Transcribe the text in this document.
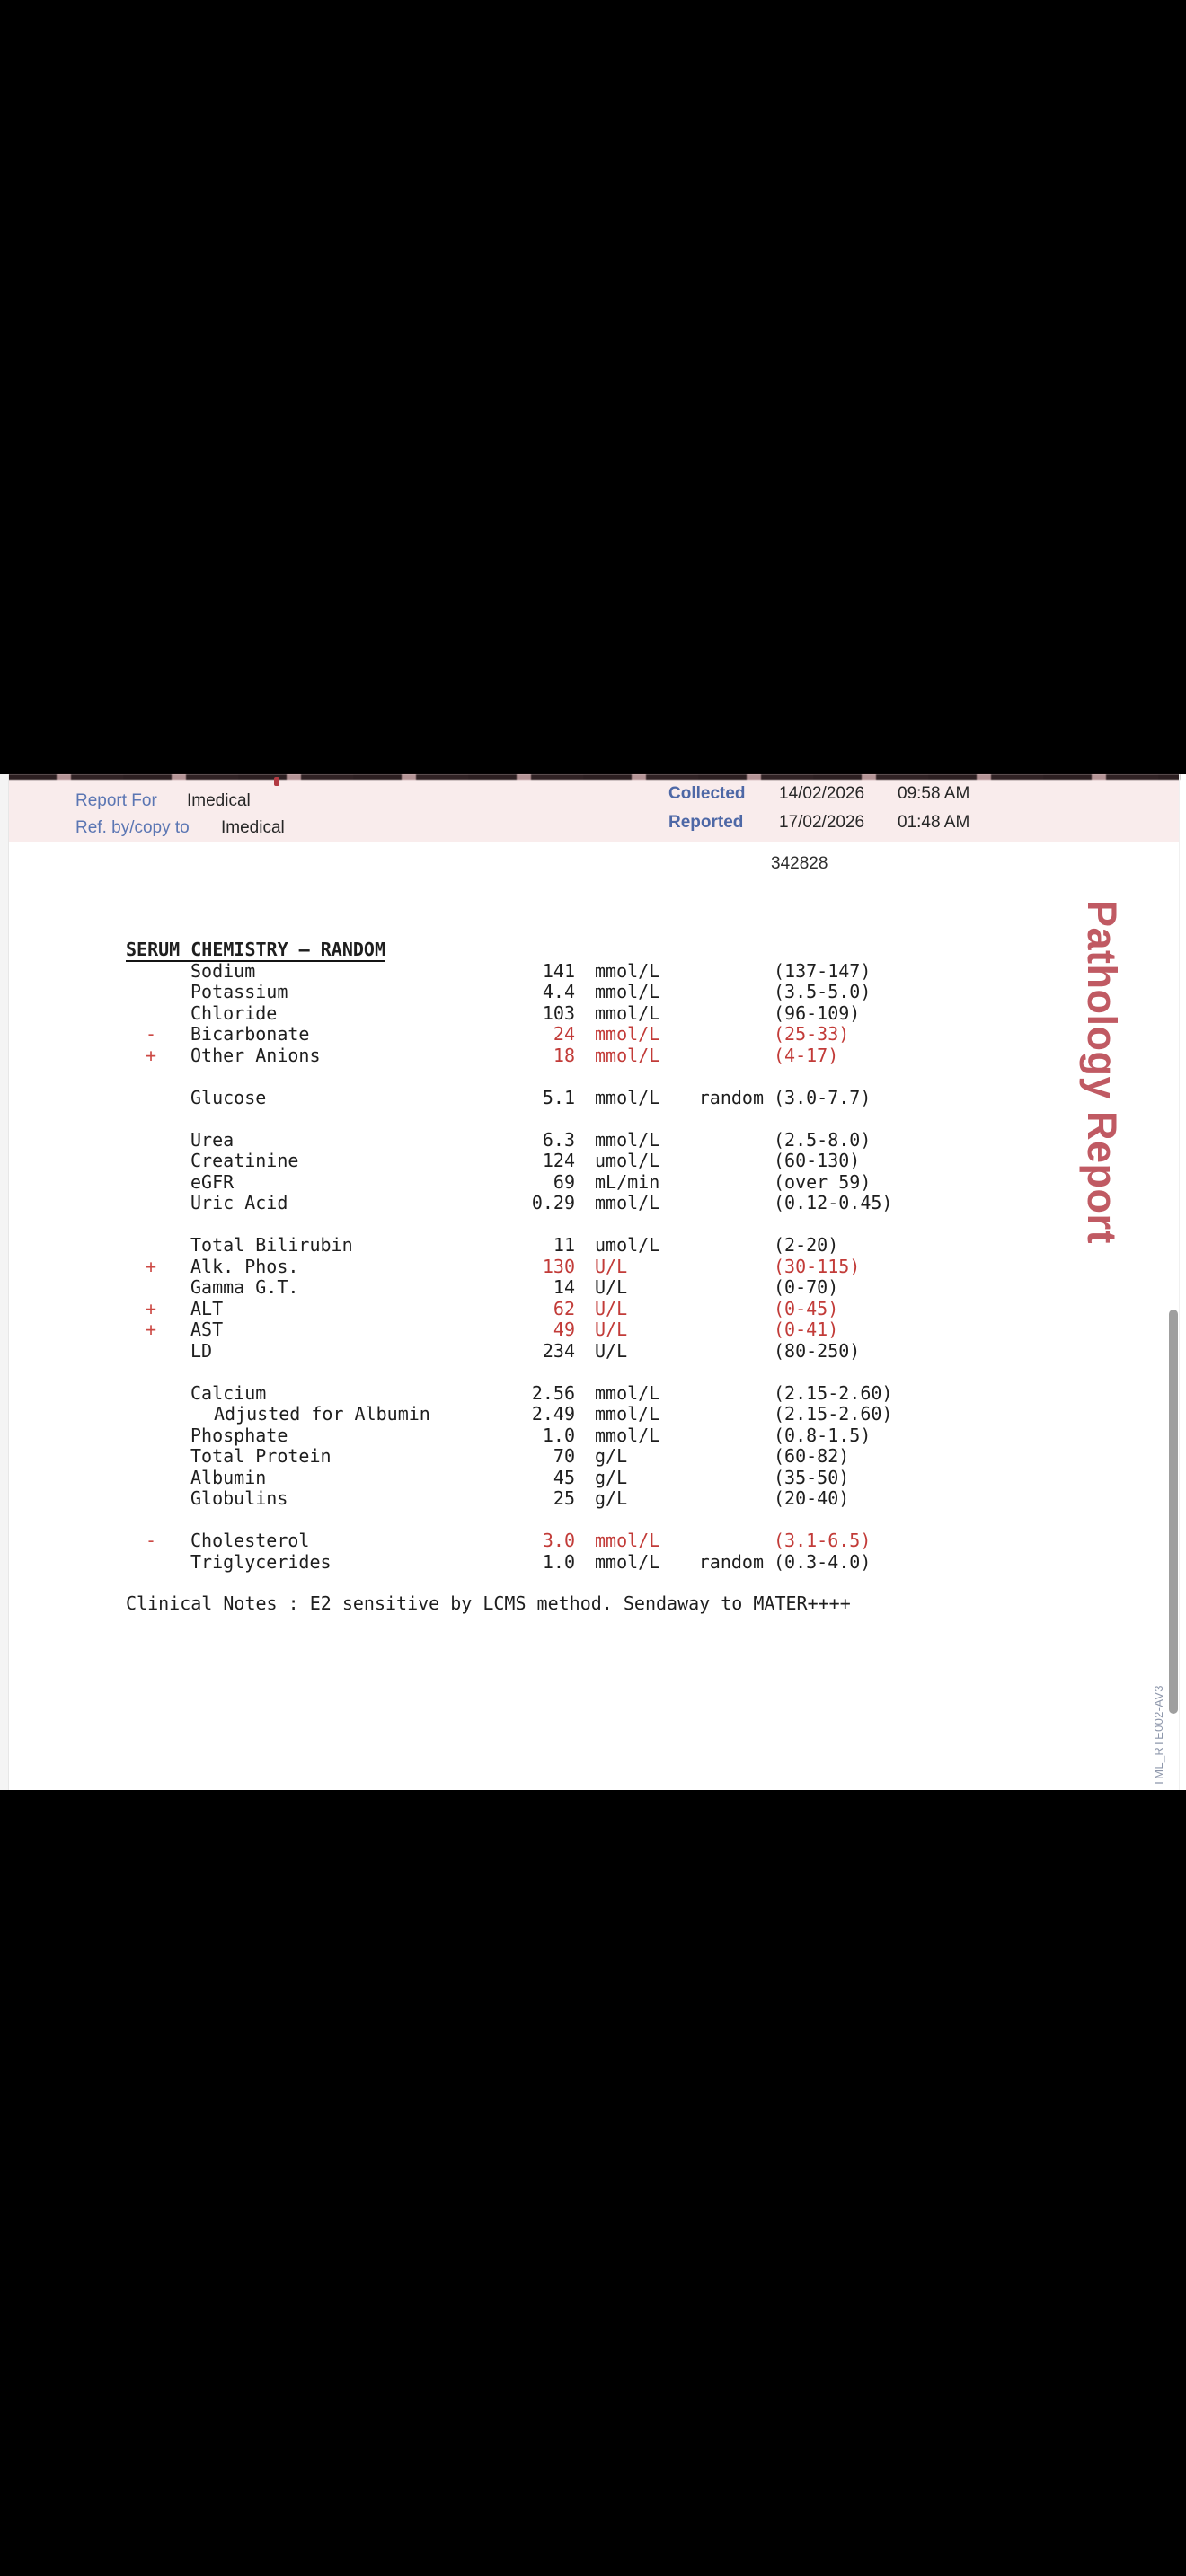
Report For Imedical
Ref. by/copy to Imedical
Collected 14/02/2026 09:58 AM
Reported 17/02/2026 01:48 AM
342828
SERUM CHEMISTRY – RANDOM
Sodium	141 mmol/L	(137-147)
Potassium	4.4 mmol/L	(3.5-5.0)
Chloride	103 mmol/L	(96-109)
- Bicarbonate	24 mmol/L	(25-33)
+ Other Anions	18 mmol/L	(4-17)
Glucose	5.1 mmol/L	random (3.0-7.7)
Urea	6.3 mmol/L	(2.5-8.0)
Creatinine	124 umol/L	(60-130)
eGFR	69 mL/min	(over 59)
Uric Acid	0.29 mmol/L	(0.12-0.45)
Total Bilirubin	11 umol/L	(2-20)
+ Alk. Phos.	130 U/L	(30-115)
Gamma G.T.	14 U/L	(0-70)
+ ALT	62 U/L	(0-45)
+ AST	49 U/L	(0-41)
LD	234 U/L	(80-250)
Calcium	2.56 mmol/L	(2.15-2.60)
Adjusted for Albumin	2.49 mmol/L	(2.15-2.60)
Phosphate	1.0 mmol/L	(0.8-1.5)
Total Protein	70 g/L	(60-82)
Albumin	45 g/L	(35-50)
Globulins	25 g/L	(20-40)
- Cholesterol	3.0 mmol/L	(3.1-6.5)
Triglycerides	1.0 mmol/L	random (0.3-4.0)
Clinical Notes : E2 sensitive by LCMS method. Sendaway to MATER++++
Pathology Report
TML_RTE002-AV3
